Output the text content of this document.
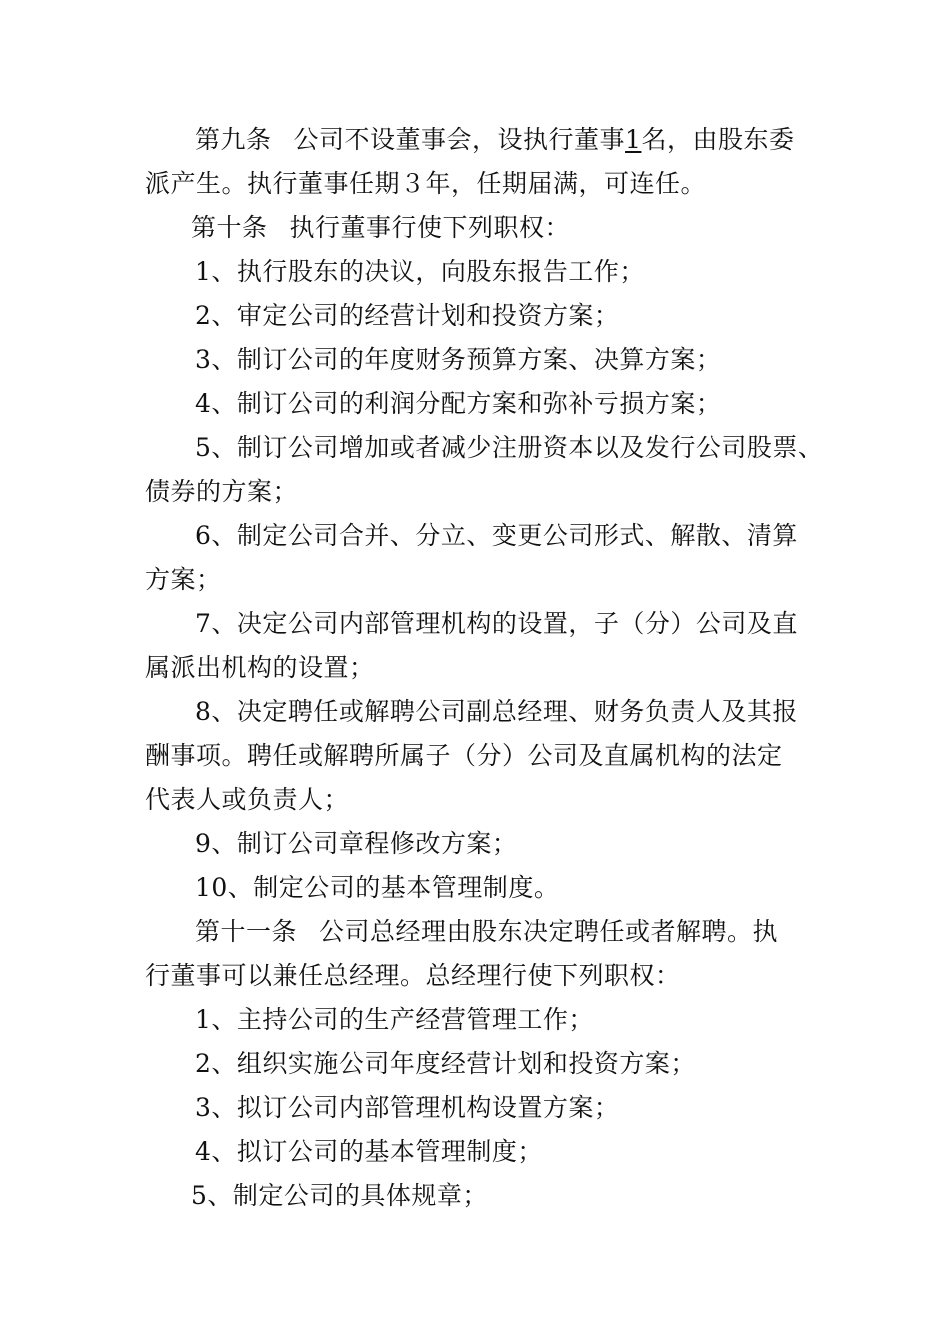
第九条 公司不设董事会，设执行董事1名，由股东委
派产生。执行董事任期３年，任期届满，可连任。
第十条 执行董事行使下列职权：
1、执行股东的决议，向股东报告工作；
2、审定公司的经营计划和投资方案；
3、制订公司的年度财务预算方案、决算方案；
4、制订公司的利润分配方案和弥补亏损方案；
5、制订公司增加或者减少注册资本以及发行公司股票、
债券的方案；
6、制定公司合并、分立、变更公司形式、解散、清算
方案；
7、决定公司内部管理机构的设置，子（分）公司及直
属派出机构的设置；
8、决定聘任或解聘公司副总经理、财务负责人及其报
酬事项。聘任或解聘所属子（分）公司及直属机构的法定
代表人或负责人；
9、制订公司章程修改方案；
10、制定公司的基本管理制度。
第十一条 公司总经理由股东决定聘任或者解聘。执
行董事可以兼任总经理。总经理行使下列职权：
1、主持公司的生产经营管理工作；
2、组织实施公司年度经营计划和投资方案；
3、拟订公司内部管理机构设置方案；
4、拟订公司的基本管理制度；
5、制定公司的具体规章；
